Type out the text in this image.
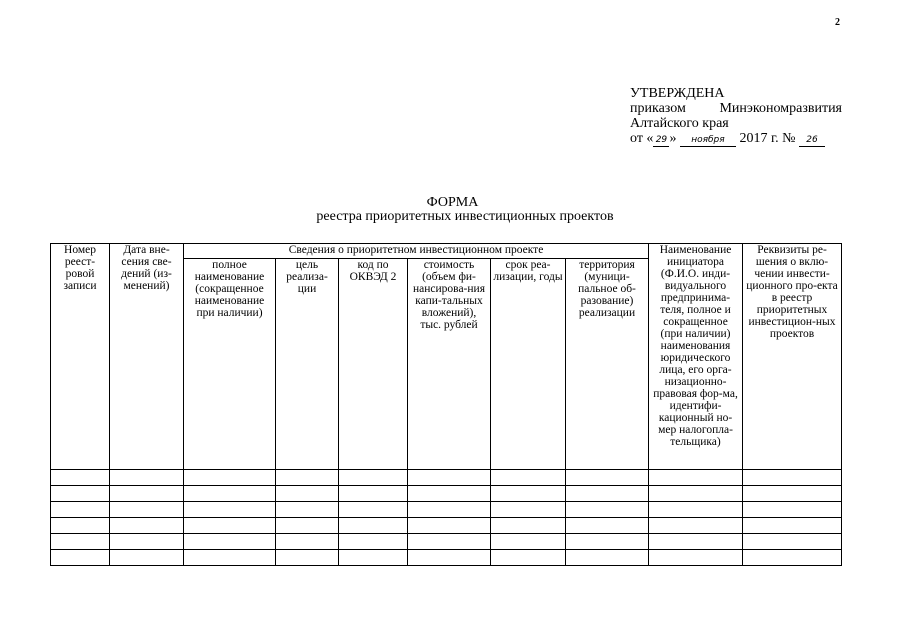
2
УТВЕРЖДЕНА
приказом Минэкономразвития
Алтайского края
от « 29 » ноября 2017 г. № 26
ФОРМА
реестра приоритетных инвестиционных проектов
Номер реест-ровой записи	Дата вне-сения све-дений (из-менений)	Сведения о приоритетном инвестиционном проекте						Наименование инициатора (Ф.И.О. инди-видуального предпринима-теля, полное и сокращенное (при наличии) наименования юридического лица, его орга-низационно-правовая фор-ма, идентифи-кационный но-мер налогопла-тельщика)	Реквизиты ре-шения о вклю-чении инвести-ционного про-екта в реестр приоритетных инвестицион-ных проектов
		полное наименование (сокращенное наименование при наличии)	цель реализа-ции	код по ОКВЭД 2	стоимость (объем фи-нансирова-ния капи-тальных вложений), тыс. рублей	срок реа-лизации, годы	территория (муници-пальное об-разование) реализации		
